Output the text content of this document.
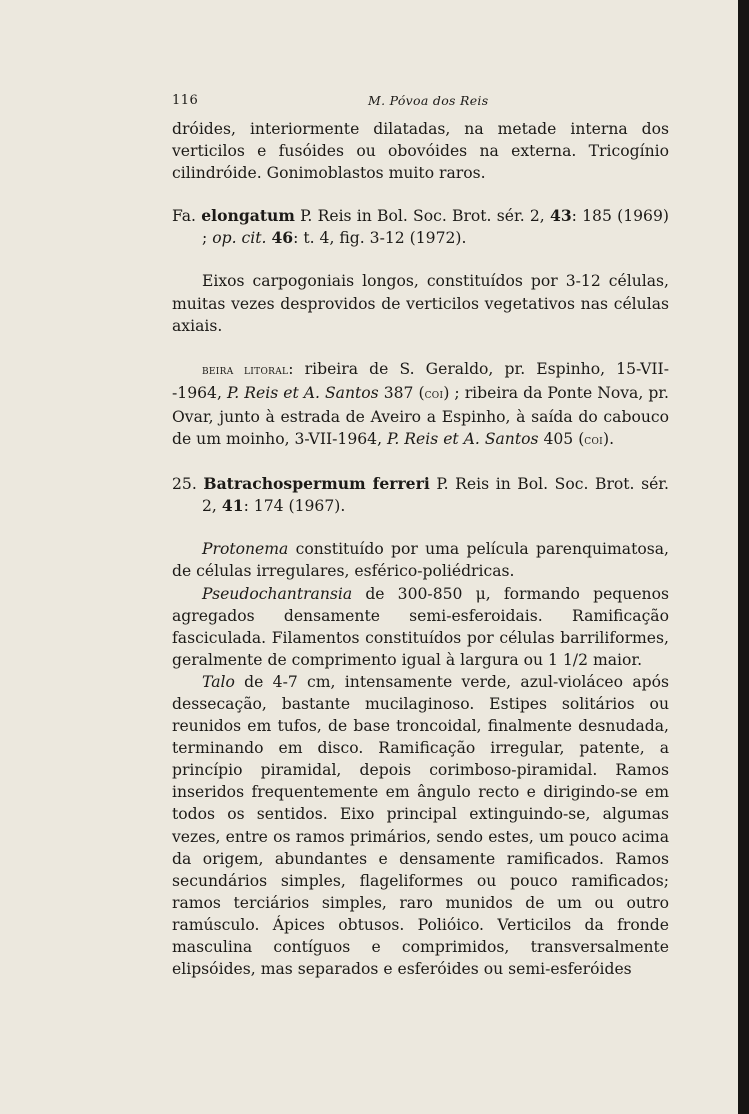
116	M. Póvoa dos Reis

dróides, interiormente dilatadas, na metade interna dos verticilos e fusóides ou obovóides na externa. Tricogínio cilindróide. Gonimoblastos muito raros.

Fa. elongatum P. Reis in Bol. Soc. Brot. sér. 2, 43: 185 (1969) ; op. cit. 46: t. 4, fig. 3-12 (1972).

Eixos carpogoniais longos, constituídos por 3-12 células, muitas vezes desprovidos de verticilos vegetativos nas células axiais.

beira litoral: ribeira de S. Geraldo, pr. Espinho, 15-VII--1964, P. Reis et A. Santos 387 (coi) ; ribeira da Ponte Nova, pr. Ovar, junto à estrada de Aveiro a Espinho, à saída do cabouco de um moinho, 3-VII-1964, P. Reis et A. Santos 405 (coi).

25. Batrachospermum ferreri P. Reis in Bol. Soc. Brot. sér. 2, 41: 174 (1967).

Protonema constituído por uma película parenquimatosa, de células irregulares, esférico-poliédricas.

Pseudochantransia de 300-850 μ, formando pequenos agregados densamente semi-esferoidais. Ramificação fasciculada. Filamentos constituídos por células barriliformes, geralmente de comprimento igual à largura ou 1 1/2 maior.

Talo de 4-7 cm, intensamente verde, azul-violáceo após dessecação, bastante mucilaginoso. Estipes solitários ou reunidos em tufos, de base troncoidal, finalmente desnudada, terminando em disco. Ramificação irregular, patente, a princípio piramidal, depois corimboso-piramidal. Ramos inseridos frequentemente em ângulo recto e dirigindo-se em todos os sentidos. Eixo principal extinguindo-se, algumas vezes, entre os ramos primários, sendo estes, um pouco acima da origem, abundantes e densamente ramificados. Ramos secundários simples, flageliformes ou pouco ramificados; ramos terciários simples, raro munidos de um ou outro ramúsculo. Ápices obtusos. Polióico. Verticilos da fronde masculina contíguos e comprimidos, transversalmente elipsóides, mas separados e esferóides ou semi-esferóides
